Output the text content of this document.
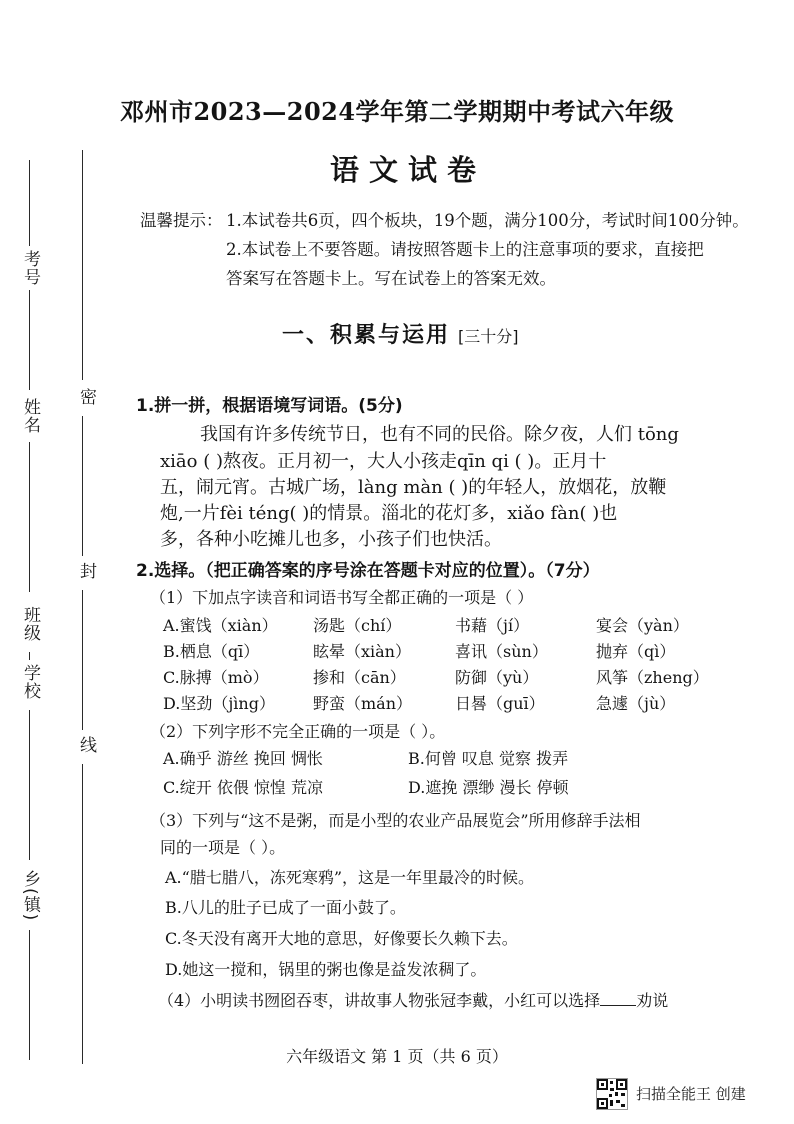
考号
姓名
班级
学校
乡(镇)
密
封
线
邓州市2023—2024学年第二学期期中考试六年级
语文试卷
温馨提示： 1.本试卷共6页，四个板块，19个题，满分100分，考试时间100分钟。
2.本试卷上不要答题。请按照答题卡上的注意事项的要求，直接把
答案写在答题卡上。写在试卷上的答案无效。
一、积累与运用 [三十分]
1.拼一拼，根据语境写词语。(5分)
我国有许多传统节日，也有不同的民俗。除夕夜，人们 tōng
xiāo ( )熬夜。正月初一，大人小孩走qīn qi ( )。正月十
五，闹元宵。古城广场，làng màn ( )的年轻人，放烟花，放鞭
炮,一片fèi téng( )的情景。淄北的花灯多，xiǎo fàn( )也
多，各种小吃摊儿也多，小孩子们也快活。
2.选择。（把正确答案的序号涂在答题卡对应的位置）。（7分）
（1）下加点字读音和词语书写全都正确的一项是（ ）
A.蜜饯（xiàn） 汤匙（chí）	书藉（jí）	宴会（yàn）
B.栖息（qī）	眩晕（xiàn）	喜讯（sùn）	抛弃（qì）
C.脉搏（mò）	掺和（cān）	防御（yù）	风筝（zheng）
D.坚劲（jìng） 野蛮（mán）	日晷（guī）	急遽（jù）
（2）下列字形不完全正确的一项是（ ）。
A.确乎 游丝 挽回 惆怅	B.何曾 叹息 觉察 拨弄
C.绽开 依偎 惊惶 荒凉	D.遮挽 漂缈 漫长 停顿
（3）下列与“这不是粥，而是小型的农业产品展览会”所用修辞手法相
同的一项是（ ）。
A.“腊七腊八，冻死寒鸦”，这是一年里最冷的时候。
B.八儿的肚子已成了一面小鼓了。
C.冬天没有离开大地的意思，好像要长久赖下去。
D.她这一搅和，锅里的粥也像是益发浓稠了。
（4）小明读书囫囵吞枣，讲故事人物张冠李戴，小红可以选择 劝说
六年级语文 第 1 页（共 6 页）
扫描全能王 创建
